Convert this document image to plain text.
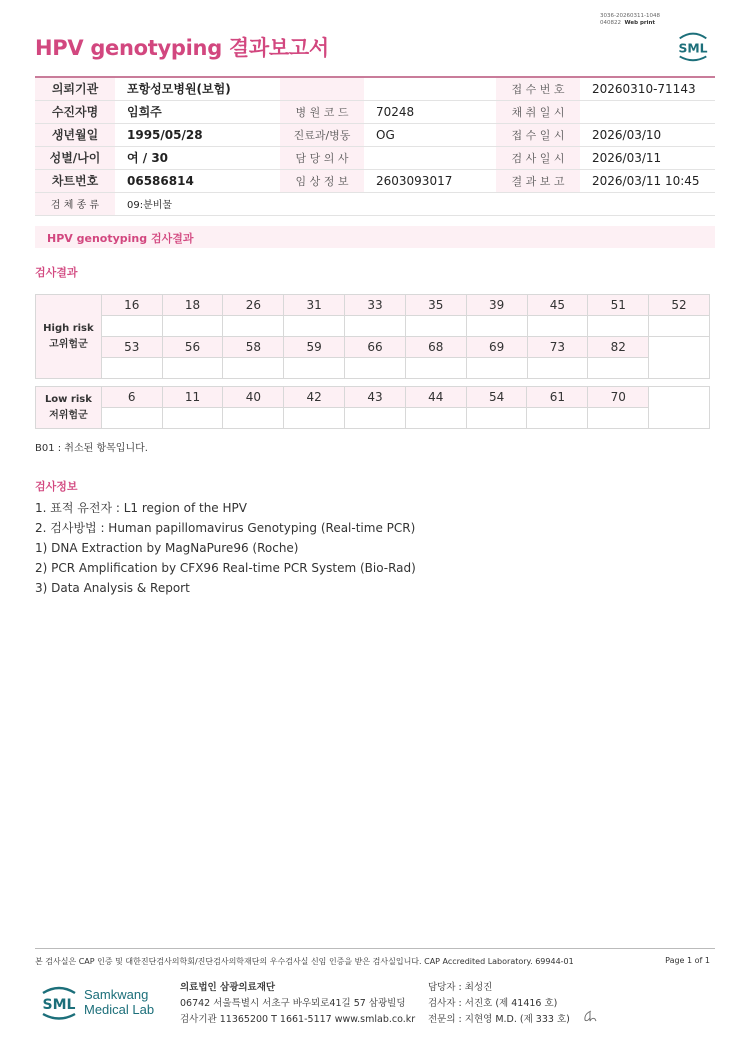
3036-20260311-1048
040822 Web print
HPV genotyping 결과보고서	SML
의뢰기관	포항성모병원(보험)			접 수 번 호	20260310-71143
수진자명	임희주	병 원 코 드	70248	채 취 일 시	
생년월일	1995/05/28	진료과/병동	OG	접 수 일 시	2026/03/10
성별/나이	여 / 30	담 당 의 사		검 사 일 시	2026/03/11
차트번호	06586814	임 상 정 보	2603093017	결 과 보 고	2026/03/11 10:45
검 체 종 류	09:분비물				
HPV genotyping 검사결과
검사결과
High risk
고위험군	16	18	26	31	33	35	39	45	51	52

	53	56	58	59	66	68	69	73	82	

Low risk
저위험군	6	11	40	42	43	44	54	61	70	

B01 : 취소된 항목입니다.
검사정보
1. 표적 유전자 : L1 region of the HPV
2. 검사방법 : Human papillomavirus Genotyping (Real-time PCR)
1) DNA Extraction by MagNaPure96 (Roche)
2) PCR Amplification by CFX96 Real-time PCR System (Bio-Rad)
3) Data Analysis & Report
본 검사실은 CAP 인증 및 대한진단검사의학회/진단검사의학재단의 우수검사실 신임 인증을 받은 검사실입니다. CAP Accredited Laboratory. 69944-01	Page 1 of 1
SML
Samkwang
Medical Lab
의료법인 삼광의료재단
06742 서울특별시 서초구 바우뫼로41길 57 삼광빌딩
검사기관 11365200 T 1661-5117 www.smlab.co.kr
담당자 : 최성진
검사자 : 서진호 (제 41416 호)
전문의 : 지현영 M.D. (제 333 호)
